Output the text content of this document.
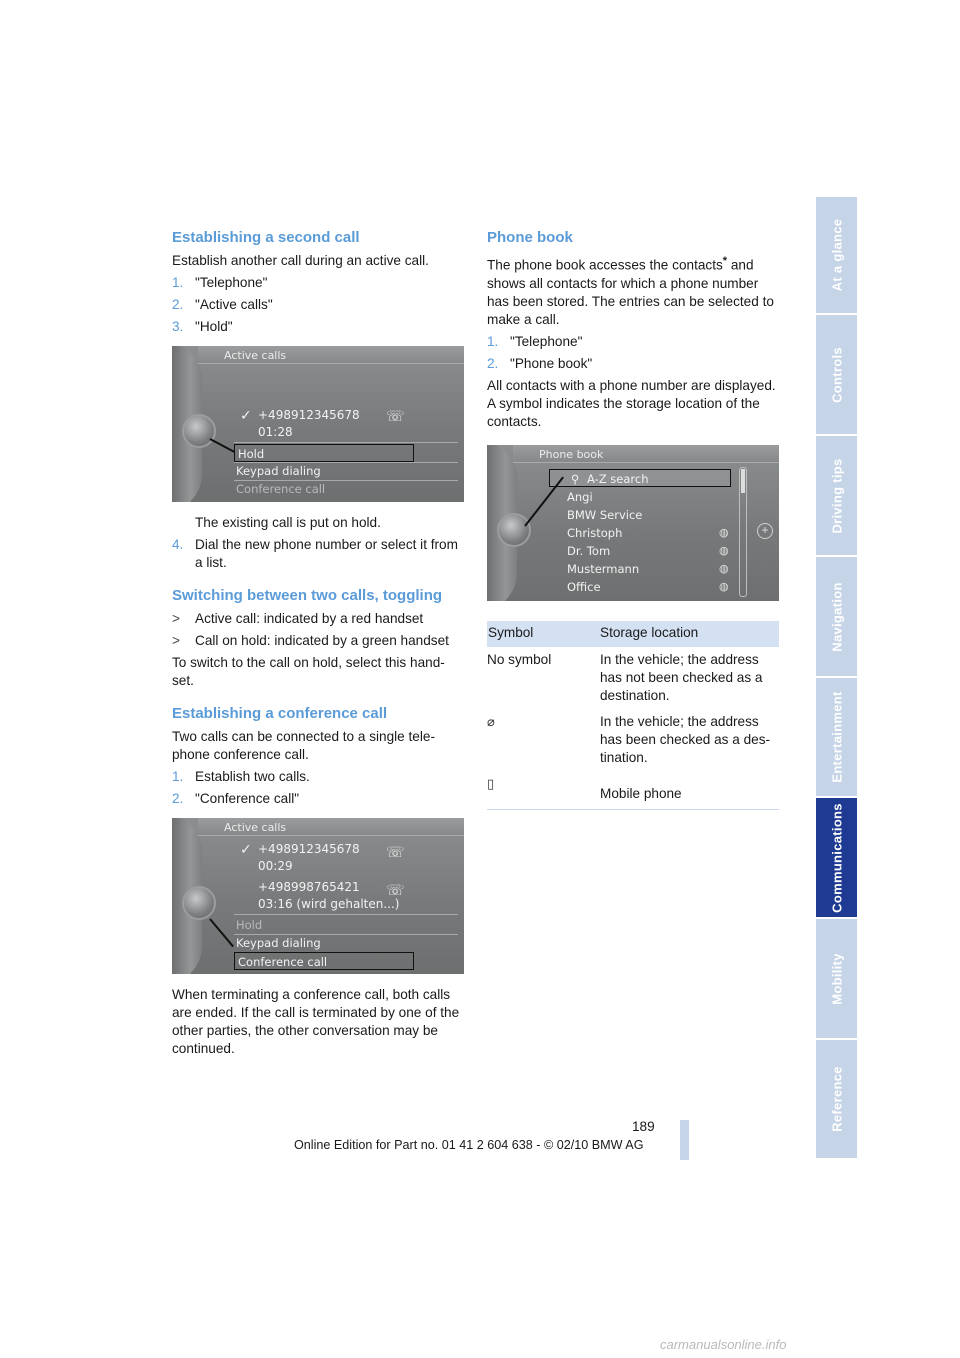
Establishing a second call

Establish another call during an active call.

1. "Telephone"
2. "Active calls"
3. "Hold"
Active calls
✓ +498912345678
01:28
☏
Hold
Keypad dialing
Conference call

The existing call is put on hold.

4. Dial the new phone number or select it from a list.
Switching between two calls, toggling
> Active call: indicated by a red handset
> Call on hold: indicated by a green handset

To switch to the call on hold, select this hand-set.

Establishing a conference call

Two calls can be connected to a single tele-phone conference call.

1. Establish two calls.
2. "Conference call"
Active calls
✓ +498912345678
00:29
☏
+498998765421
03:16 (wird gehalten...)
☏
Hold
Keypad dialing
Conference call

When terminating a conference call, both calls are ended. If the call is terminated by one of the other parties, the other conversation may be continued.

Phone book

The phone book accesses the contacts* and shows all contacts for which a phone number has been stored. The entries can be selected to make a call.

1. "Telephone"
2. "Phone book"

All contacts with a phone number are displayed. A symbol indicates the storage location of the contacts.

Phone book
⚲ A-Z search
Angi
BMW Service
Christoph	◍
Dr. Tom	◍
Mustermann	◍
Office	◍
+
Symbol	Storage location
No symbol	In the vehicle; the address has not been checked as a destination.
⌀	In the vehicle; the address has been checked as a des-tination.
▯	Mobile phone
At a glance
Controls
Driving tips
Navigation
Entertainment
Communications
Mobility
Reference
189
Online Edition for Part no. 01 41 2 604 638 - © 02/10 BMW AG
carmanualsonline.info
